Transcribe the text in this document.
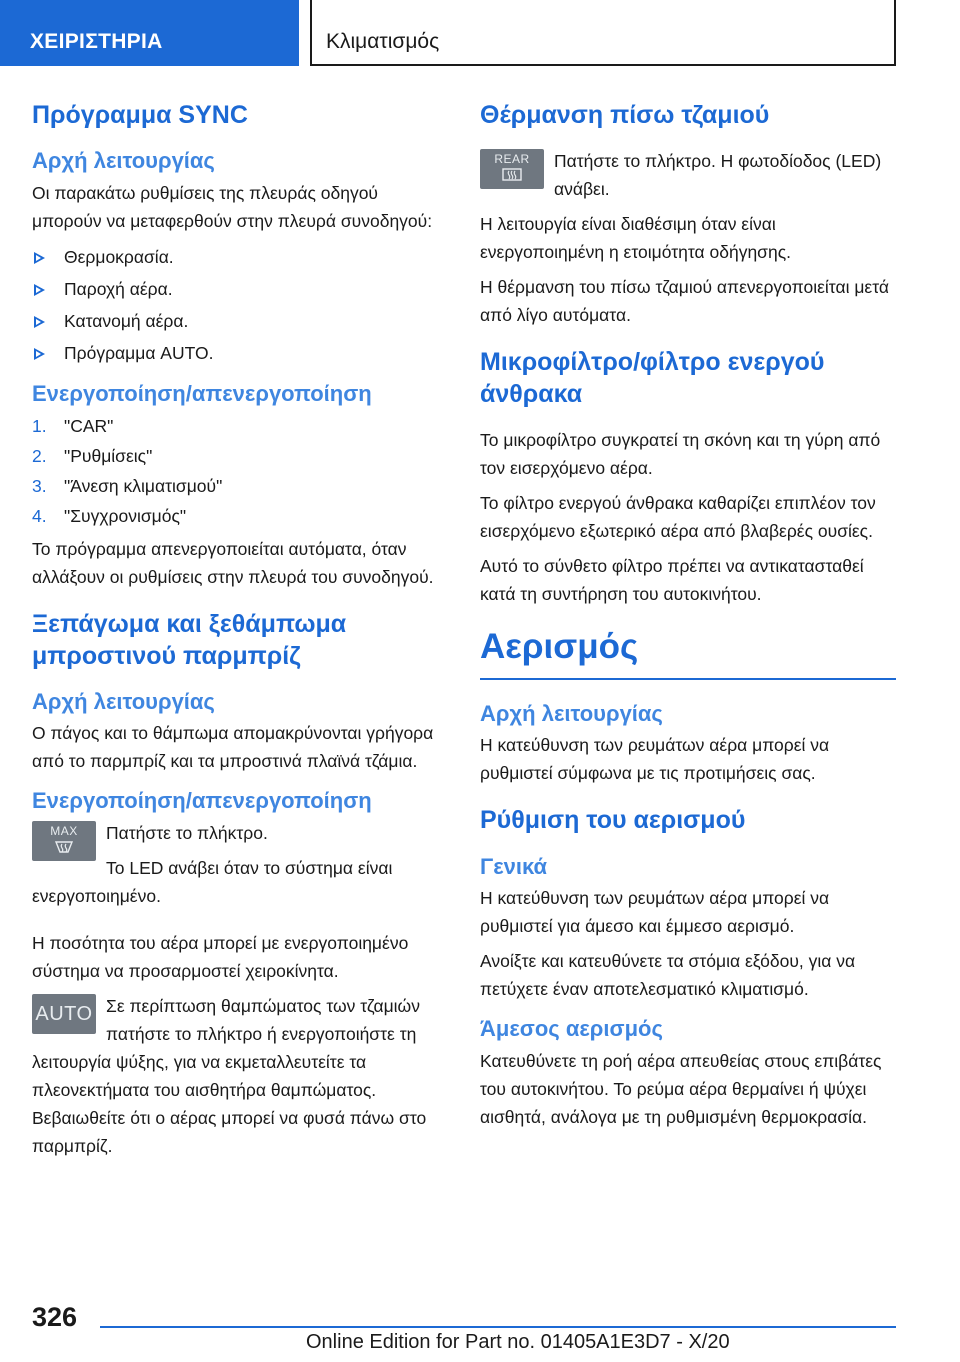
ΧΕΙΡΙΣΤΗΡΙΑ	Κλιματισμός
Πρόγραμμα SYNC
Αρχή λειτουργίας

Οι παρακάτω ρυθμίσεις της πλευράς οδηγού μπορούν να μεταφερθούν στην πλευρά συνοδηγού:

Θερμοκρασία.
Παροχή αέρα.
Κατανομή αέρα.
Πρόγραμμα AUTO.
Ενεργοποίηση/απενεργοποίηση
1. "CAR"
2. "Ρυθμίσεις"
3. "Άνεση κλιματισμού"
4. "Συγχρονισμός"

Το πρόγραμμα απενεργοποιείται αυτόματα, όταν αλλάξουν οι ρυθμίσεις στην πλευρά του συνοδηγού.

Ξεπάγωμα και ξεθάμπωμα μπροστινού παρμπρίζ
Αρχή λειτουργίας

Ο πάγος και το θάμπωμα απομακρύνονται γρήγορα από το παρμπρίζ και τα μπροστινά πλαϊνά τζάμια.

Ενεργοποίηση/απενεργοποίηση
MAX	Πατήστε το πλήκτρο.

Το LED ανάβει όταν το σύστημα είναι ενεργοποιημένο.

Η ποσότητα του αέρα μπορεί με ενεργοποιημένο σύστημα να προσαρμοστεί χειροκίνητα.

AUTO Σε περίπτωση θαμπώματος των τζαμιών πατήστε το πλήκτρο ή ενεργοποιήστε τη λειτουργία ψύξης, για να εκμεταλλευτείτε τα πλεονεκτήματα του αισθητήρα θαμπώματος. Βεβαιωθείτε ότι ο αέρας μπορεί να φυσά πάνω στο παρμπρίζ.

Θέρμανση πίσω τζαμιού
REAR	Πατήστε το πλήκτρο. Η φωτοδίοδος (LED) ανάβει.

Η λειτουργία είναι διαθέσιμη όταν είναι ενεργοποιημένη η ετοιμότητα οδήγησης.

Η θέρμανση του πίσω τζαμιού απενεργοποιείται μετά από λίγο αυτόματα.

Μικροφίλτρο/φίλτρο ενεργού άνθρακα

Το μικροφίλτρο συγκρατεί τη σκόνη και τη γύρη από τον εισερχόμενο αέρα.

Το φίλτρο ενεργού άνθρακα καθαρίζει επιπλέον τον εισερχόμενο εξωτερικό αέρα από βλαβερές ουσίες.

Αυτό το σύνθετο φίλτρο πρέπει να αντικατασταθεί κατά τη συντήρηση του αυτοκινήτου.

Αερισμός
Αρχή λειτουργίας

Η κατεύθυνση των ρευμάτων αέρα μπορεί να ρυθμιστεί σύμφωνα με τις προτιμήσεις σας.

Ρύθμιση του αερισμού
Γενικά

Η κατεύθυνση των ρευμάτων αέρα μπορεί να ρυθμιστεί για άμεσο και έμμεσο αερισμό.

Ανοίξτε και κατευθύνετε τα στόμια εξόδου, για να πετύχετε έναν αποτελεσματικό κλιματισμό.

Άμεσος αερισμός

Κατευθύνετε τη ροή αέρα απευθείας στους επιβάτες του αυτοκινήτου. Το ρεύμα αέρα θερμαίνει ή ψύχει αισθητά, ανάλογα με τη ρυθμισμένη θερμοκρασία.

326
Online Edition for Part no. 01405A1E3D7 - X/20
